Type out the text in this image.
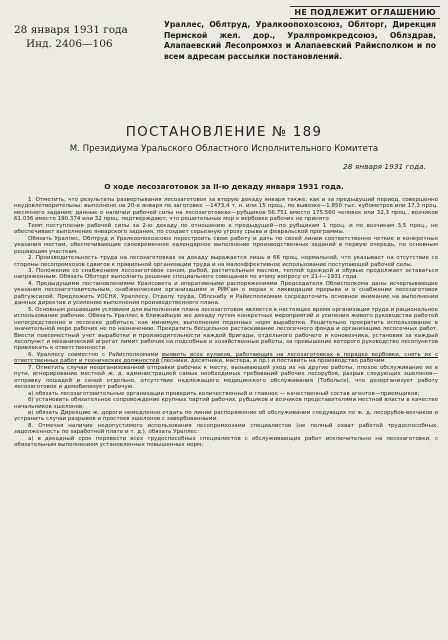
НЕ ПОДЛЕЖИТ ОГЛАШЕНИЮ
28 января 1931 года
Инд. 2406—106
Ураллес, Облтруд, Уралкоопохозсоюз, Облторг, Дирекция Пермской жел. дор., Уралпромкредсоюз, Облздрав, Алапаевский Лесопромхоз и Алапаевский Райисполком и по всем адресам рассылки постановлений.
ПОСТАНОВЛЕНИЕ № 189
М. Президиума Уральского Областного Исполнительного Комитета
28 января 1931 года.
О ходе лесозаготовок за II-ю декаду января 1931 года.

1. Отметить, что результаты развертывания лесозаготовок за вторую декаду января также, как и за предыдущий период, совершенно неудовлетворительны: выполнено на 20-е января по заготовке —1473,4 т. н. или 15 проц., по вывозке—1.850 тыс. кубометров или 17,3 проц. месячного задания; данные о наличии рабочей силы на лесозаготовках—рубщиков 56.751 вместо 175.560 человек или 32,3 проц., возчиков 61.036 вместо 190.374 или 32 проц. подтверждают, что решительных мер к вербовке рабочих не принято

Темп поступления рабочей силы за 2-ю декаду по отношению к предыдущей—по рубщикам 1 проц. и по возчикам 3,5 проц., не обеспечивает выполнение январского задания, по создает серьезную угрозу срыва и февральской программы.

Обязать Ураллес, Облтруд и Уралкоопохозсоюз перестроить свою работу и дать по своей линии соответственно четкие и конкретные указания местам, обеспечивающие своевременное календарное выполнение производственных заданий в первую очередь, по основным решающим участкам.

2. Производительность труда на лесозаготовках за декаду выражается лишь в 66 проц. нормальной, что указывает на отсутствие со стороны лесопромхозов сдвигов к правильной организации труда и на малоэффективное использование поступающей рабочей силы.

3. Положение со снабжением лесозаготовок сеном, рыбой, растительным маслом, теплой одеждой и обувью продолжает оставаться напряженным. Обязать Облторг выполнить решение специального совещания по этому вопросу от 21-I—1931 года.

4. Предыдущими постановлениями Уралсовета и оперативными распоряжениями Председателя Облисполкома даны исчерпывающие указания лесозаготовительным, снабженческим организациям и РИК'ам о мерах к ликвидации прорыва и о снабжении лесозаготовок рабгужсилой. Предложить УОСНХ, Ураллесу, Отделу труда, Облснабу и Райисполкомам сосредоточить основное внимание на выполнении данных директив и усилению выполнения производственного плана.

5. Основным решающим условием для выполнения плана лесозаготовок является в настоящее время организация труда и рациональное использование рабочих. Обязать Ураллес в ближайшую же декаду путем конкретных мероприятий и усиления живого руководства работой непосредственно в лесосеке добиться, как минимум, выполнения поденных норм выработки. Решительно прекратить использование в значительной мере рабочих не по назначению. Прекратить бесцельное растаскивание лесосечного фонда и организацию лесосечных работ. Ввести повсеместный учет выработки и производительности каждой бригады, отдельного рабочего и коновозчика, установив за каждый лесопункт и механический агрегат лимит рабочих на подсобные и хозяйственные работы, за превышение которого руководство лесопунктов привлекать к ответственности.

6. Ураллесу совместно с Райисполкомами выявить всех кулаков, работающих на лесозаготовках в порядке вербовки, снять их с ответственных работ и технических должностей (лесники, десятники, мастера, и пр.) и поставить на производство рабочим.

7. Отметить случаи неорганизованной отправки рабочих к месту, вызывающей уход их на другие работы, плохое обслуживание их в пути, игнорирование местной ж. д. администрацией самых необходимых требований рабочих лесорубов, разрыв следующих эшелонов—отправку лошадей и сеной отдельно, отсутствие надлежащего медицинского обслуживания (Тобольск), что дезорганизует работу лесозаготовок и демобилизует рабочую.

а) обязать лесозаготовительные организации проверить количественный и главное — качественный состав агентов—приемщиков;

б) установить обязательное сопровождение крупных партий рабочих, рубщиков и возчиков представителями местной власти в качестве начальников эшелонов;

в) обязать Дирекцию ж. дороги немедленно отдать по линии распоряжение об обслуживании следующих по ж. д. лесорубов-возчиков и устранить случаи разрывов и простоев эшелонов с завербованными.

8. Отмечая наличие недопустимого использования лесопромхозами специалистов (не полный охват работой трудоспособных, задолженность по заработной плате и т. д.), обязать Ураллес:

а) в декадный срок перевести всех трудоспособных специалистов с обслуживающих работ исключительно на лесозаготовки, с обязательным выполнением установленных повышенных норм;
